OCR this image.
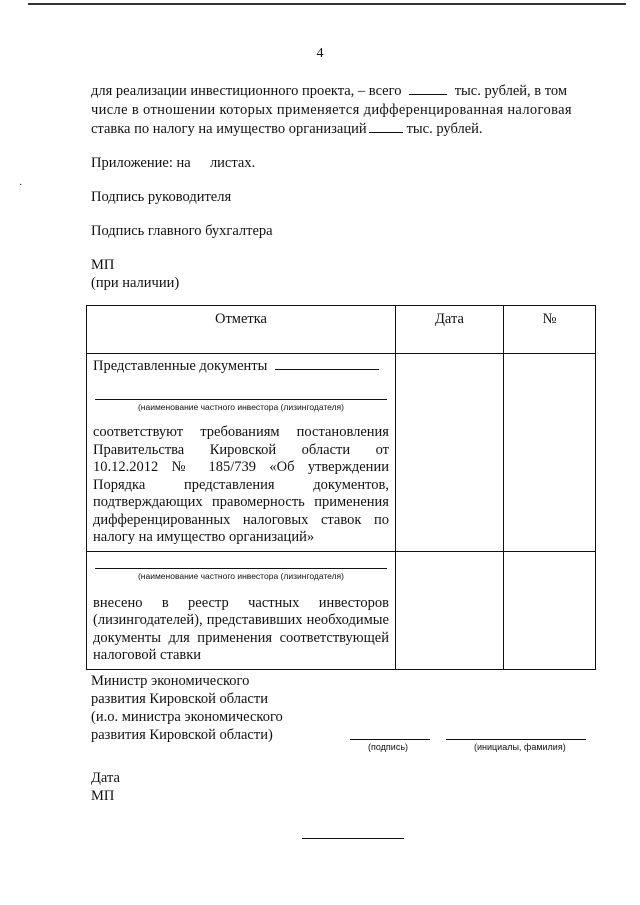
·
4
для реализации инвестиционного проекта, – всего	тыс. рублей, в том
числе в отношении которых применяется дифференцированная налоговая
ставка по налогу на имущество организаций	тыс. рублей.
Приложение: на листах.
Подпись руководителя
Подпись главного бухгалтера
МП
(при наличии)
Отметка	Дата	№

Представленные документы
(наименование частного инвестора (лизингодателя)
соответствуют требованиям постановления Правительства Кировской области от 10.12.2012 № 185/739 «Об утверждении Порядка представления документов, подтверждающих правомерность применения дифференцированных налоговых ставок по налогу на имущество организаций»		

(наименование частного инвестора (лизингодателя)
внесено в реестр частных инвесторов (лизингодателей), представивших необходимые документы для применения соответствующей налоговой ставки		

Министр экономического
развития Кировской области
(и.о. министра экономического
развития Кировской области)
(подпись)	(инициалы, фамилия)
Дата
МП
